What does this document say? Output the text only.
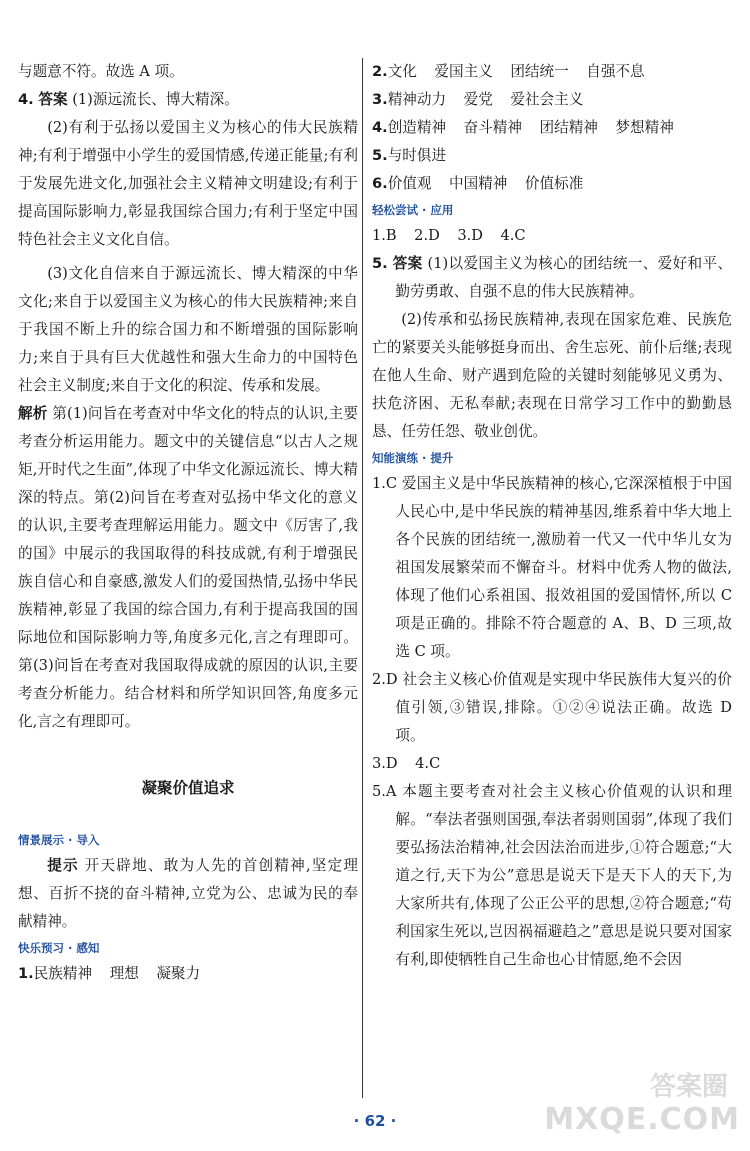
与题意不符。故选 A 项。

4. 答案 (1)源远流长、博大精深。

(2)有利于弘扬以爱国主义为核心的伟大民族精神;有利于增强中小学生的爱国情感,传递正能量;有利于发展先进文化,加强社会主义精神文明建设;有利于提高国际影响力,彰显我国综合国力;有利于坚定中国特色社会主义文化自信。

(3)文化自信来自于源远流长、博大精深的中华文化;来自于以爱国主义为核心的伟大民族精神;来自于我国不断上升的综合国力和不断增强的国际影响力;来自于具有巨大优越性和强大生命力的中国特色社会主义制度;来自于文化的积淀、传承和发展。

解析 第(1)问旨在考查对中华文化的特点的认识,主要考查分析运用能力。题文中的关键信息“以古人之规矩,开时代之生面”,体现了中华文化源远流长、博大精深的特点。第(2)问旨在考查对弘扬中华文化的意义的认识,主要考查理解运用能力。题文中《厉害了,我的国》中展示的我国取得的科技成就,有利于增强民族自信心和自豪感,激发人们的爱国热情,弘扬中华民族精神,彰显了我国的综合国力,有利于提高我国的国际地位和国际影响力等,角度多元化,言之有理即可。第(3)问旨在考查对我国取得成就的原因的认识,主要考查分析能力。结合材料和所学知识回答,角度多元化,言之有理即可。

凝聚价值追求
情景展示 · 导入

提示 开天辟地、敢为人先的首创精神,坚定理想、百折不挠的奋斗精神,立党为公、忠诚为民的奉献精神。

快乐预习 · 感知

1.民族精神 理想 凝聚力

2.文化 爱国主义 团结统一 自强不息

3.精神动力 爱党 爱社会主义

4.创造精神 奋斗精神 团结精神 梦想精神

5.与时俱进

6.价值观 中国精神 价值标准

轻松尝试 · 应用

1.B 2.D 3.D 4.C

5. 答案 (1)以爱国主义为核心的团结统一、爱好和平、勤劳勇敢、自强不息的伟大民族精神。

(2)传承和弘扬民族精神,表现在国家危难、民族危亡的紧要关头能够挺身而出、舍生忘死、前仆后继;表现在他人生命、财产遇到危险的关键时刻能够见义勇为、扶危济困、无私奉献;表现在日常学习工作中的勤勤恳恳、任劳任怨、敬业创优。

知能演练 · 提升

1.C 爱国主义是中华民族精神的核心,它深深植根于中国人民心中,是中华民族的精神基因,维系着中华大地上各个民族的团结统一,激励着一代又一代中华儿女为祖国发展繁荣而不懈奋斗。材料中优秀人物的做法,体现了他们心系祖国、报效祖国的爱国情怀,所以 C 项是正确的。排除不符合题意的 A、B、D 三项,故选 C 项。

2.D 社会主义核心价值观是实现中华民族伟大复兴的价值引领,③错误,排除。①②④说法正确。故选 D 项。

3.D 4.C

5.A 本题主要考查对社会主义核心价值观的认识和理解。“奉法者强则国强,奉法者弱则国弱”,体现了我们要弘扬法治精神,社会因法治而进步,①符合题意;“大道之行,天下为公”意思是说天下是天下人的天下,为大家所共有,体现了公正公平的思想,②符合题意;“苟利国家生死以,岂因祸福避趋之”意思是说只要对国家有利,即使牺牲自己生命也心甘情愿,绝不会因

· 62 ·
答案圈
MXQE.COM
